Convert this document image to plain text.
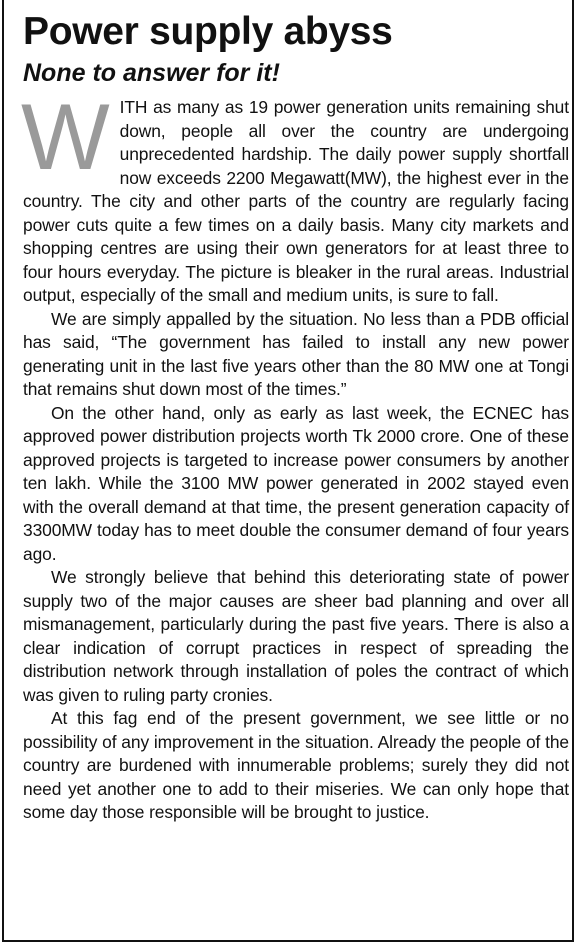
Power supply abyss
None to answer for it!

WITH as many as 19 power generation units remaining shut down, people all over the country are undergoing unprecedented hardship. The daily power supply shortfall now exceeds 2200 Megawatt(MW), the highest ever in the country. The city and other parts of the country are regularly facing power cuts quite a few times on a daily basis. Many city markets and shopping centres are using their own generators for at least three to four hours everyday. The picture is bleaker in the rural areas. Industrial output, especially of the small and medium units, is sure to fall.

We are simply appalled by the situation. No less than a PDB official has said, “The government has failed to install any new power generating unit in the last five years other than the 80 MW one at Tongi that remains shut down most of the times.”

On the other hand, only as early as last week, the ECNEC has approved power distribution projects worth Tk 2000 crore. One of these approved projects is targeted to increase power consumers by another ten lakh. While the 3100 MW power generated in 2002 stayed even with the overall demand at that time, the present generation capacity of 3300MW today has to meet double the consumer demand of four years ago.

We strongly believe that behind this deteriorating state of power supply two of the major causes are sheer bad planning and over all mismanagement, particularly during the past five years. There is also a clear indication of corrupt practices in respect of spreading the distribution network through installation of poles the contract of which was given to ruling party cronies.

At this fag end of the present government, we see little or no possibility of any improvement in the situation. Already the people of the country are burdened with innumerable problems; surely they did not need yet another one to add to their miseries. We can only hope that some day those responsible will be brought to justice.
